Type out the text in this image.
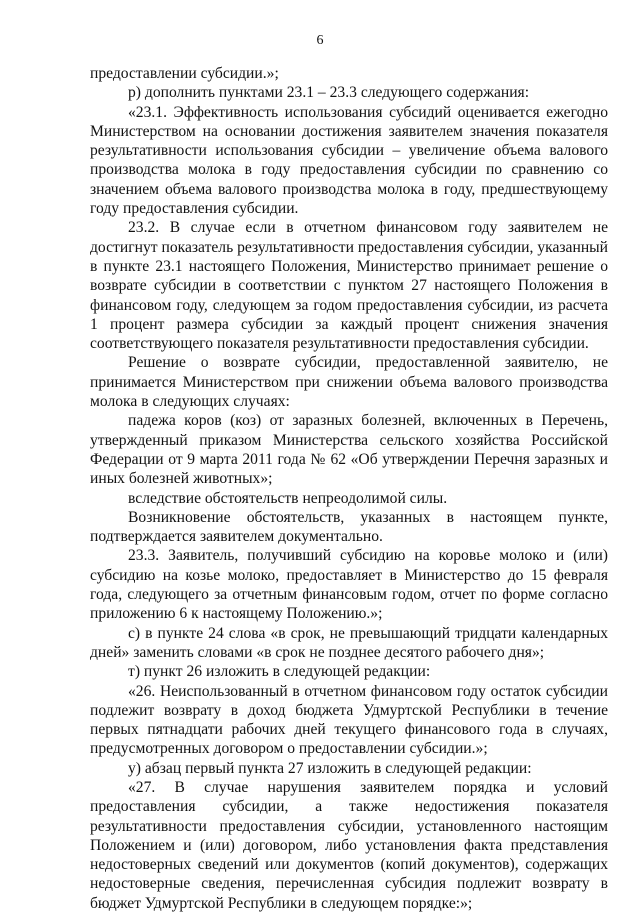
6

предоставлении субсидии.»;

р) дополнить пунктами 23.1 – 23.3 следующего содержания:

«23.1. Эффективность использования субсидий оценивается ежегодно Министерством на основании достижения заявителем значения показателя результативности использования субсидии – увеличение объема валового производства молока в году предоставления субсидии по сравнению со значением объема валового производства молока в году, предшествующему году предоставления субсидии.

23.2. В случае если в отчетном финансовом году заявителем не достигнут показатель результативности предоставления субсидии, указанный в пункте 23.1 настоящего Положения, Министерство принимает решение о возврате субсидии в соответствии с пунктом 27 настоящего Положения в финансовом году, следующем за годом предоставления субсидии, из расчета 1 процент размера субсидии за каждый процент снижения значения соответствующего показателя результативности предоставления субсидии.

Решение о возврате субсидии, предоставленной заявителю, не принимается Министерством при снижении объема валового производства молока в следующих случаях:

падежа коров (коз) от заразных болезней, включенных в Перечень, утвержденный приказом Министерства сельского хозяйства Российской Федерации от 9 марта 2011 года № 62 «Об утверждении Перечня заразных и иных болезней животных»;

вследствие обстоятельств непреодолимой силы.

Возникновение обстоятельств, указанных в настоящем пункте, подтверждается заявителем документально.

23.3. Заявитель, получивший субсидию на коровье молоко и (или) субсидию на козье молоко, предоставляет в Министерство до 15 февраля года, следующего за отчетным финансовым годом, отчет по форме согласно приложению 6 к настоящему Положению.»;

с) в пункте 24 слова «в срок, не превышающий тридцати календарных дней» заменить словами «в срок не позднее десятого рабочего дня»;

т) пункт 26 изложить в следующей редакции:

«26. Неиспользованный в отчетном финансовом году остаток субсидии подлежит возврату в доход бюджета Удмуртской Республики в течение первых пятнадцати рабочих дней текущего финансового года в случаях, предусмотренных договором о предоставлении субсидии.»;

у) абзац первый пункта 27 изложить в следующей редакции:

«27. В случае нарушения заявителем порядка и условий предоставления субсидии, а также недостижения показателя результативности предоставления субсидии, установленного настоящим Положением и (или) договором, либо установления факта представления недостоверных сведений или документов (копий документов), содержащих недостоверные сведения, перечисленная субсидия подлежит возврату в бюджет Удмуртской Республики в следующем порядке:»;
